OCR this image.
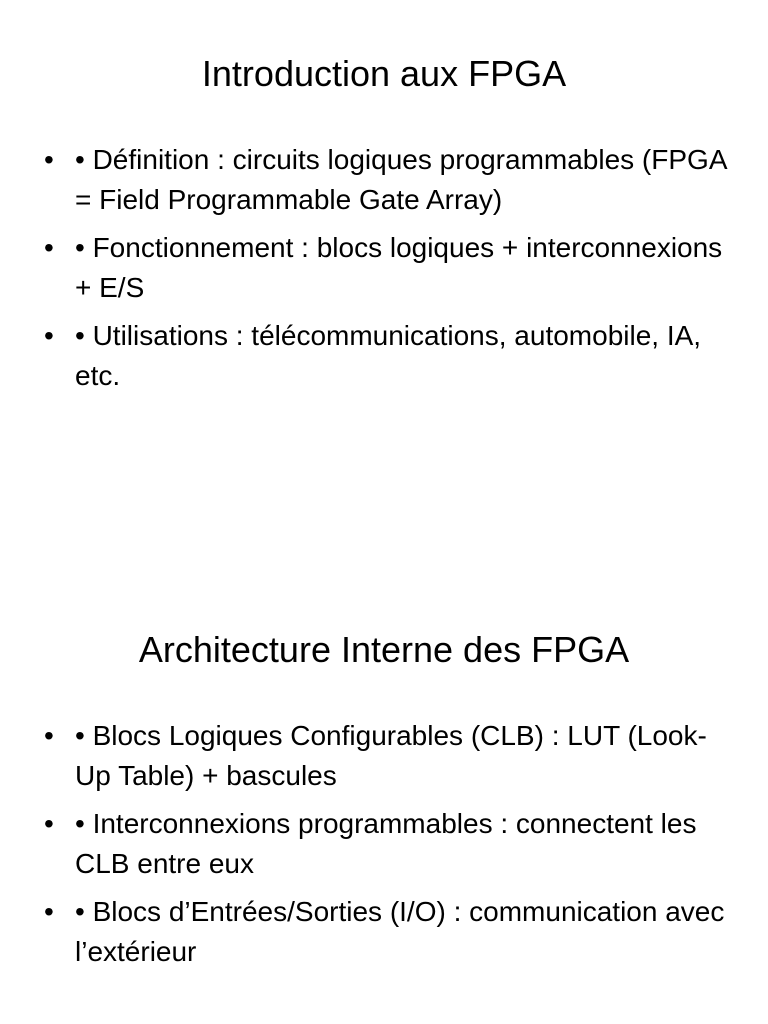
Introduction aux FPGA
• • Définition : circuits logiques programmables (FPGA = Field Programmable Gate Array)
• • Fonctionnement : blocs logiques + interconnexions + E/S
• • Utilisations : télécommunications, automobile, IA, etc.
Architecture Interne des FPGA
• • Blocs Logiques Configurables (CLB) : LUT (Look-Up Table) + bascules
• • Interconnexions programmables : connectent les CLB entre eux
• • Blocs d’Entrées/Sorties (I/O) : communication avec l’extérieur
